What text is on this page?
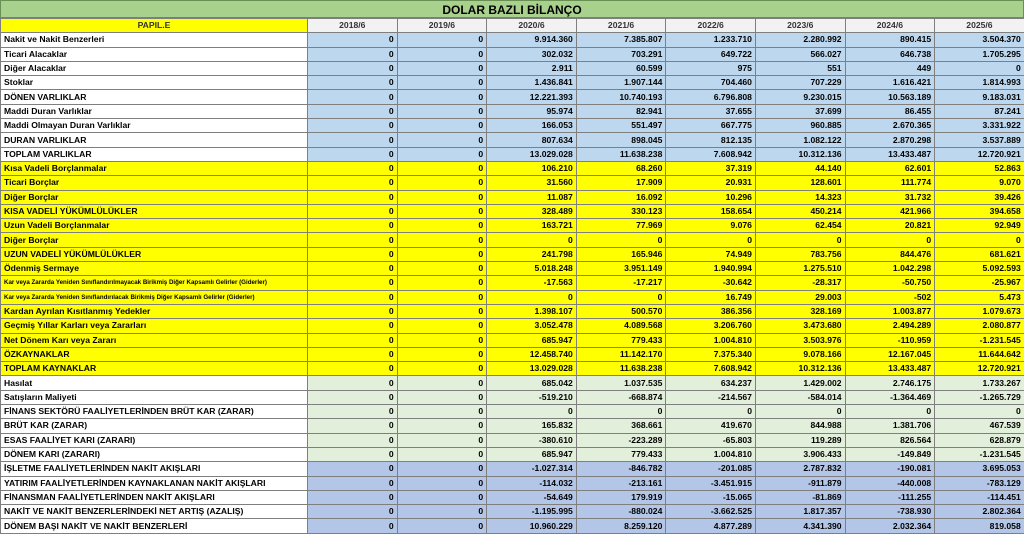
DOLAR BAZLI BİLANÇO
PAPIL.E	2018/6	2019/6	2020/6	2021/6	2022/6	2023/6	2024/6	2025/6
Nakit ve Nakit Benzerleri	0	0	9.914.360	7.385.807	1.233.710	2.280.992	890.415	3.504.370
Ticari Alacaklar	0	0	302.032	703.291	649.722	566.027	646.738	1.705.295
Diğer Alacaklar	0	0	2.911	60.599	975	551	449	0
Stoklar	0	0	1.436.841	1.907.144	704.460	707.229	1.616.421	1.814.993
DÖNEN VARLIKLAR	0	0	12.221.393	10.740.193	6.796.808	9.230.015	10.563.189	9.183.031
Maddi Duran Varlıklar	0	0	95.974	82.941	37.655	37.699	86.455	87.241
Maddi Olmayan Duran Varlıklar	0	0	166.053	551.497	667.775	960.885	2.670.365	3.331.922
DURAN VARLIKLAR	0	0	807.634	898.045	812.135	1.082.122	2.870.298	3.537.889
TOPLAM VARLIKLAR	0	0	13.029.028	11.638.238	7.608.942	10.312.136	13.433.487	12.720.921
Kısa Vadeli Borçlanmalar	0	0	106.210	68.260	37.319	44.140	62.601	52.863
Ticari Borçlar	0	0	31.560	17.909	20.931	128.601	111.774	9.070
Diğer Borçlar	0	0	11.087	16.092	10.296	14.323	31.732	39.426
KISA VADELİ YÜKÜMLÜLÜKLER	0	0	328.489	330.123	158.654	450.214	421.966	394.658
Uzun Vadeli Borçlanmalar	0	0	163.721	77.969	9.076	62.454	20.821	92.949
Diğer Borçlar	0	0	0	0	0	0	0	0
UZUN VADELİ YÜKÜMLÜLÜKLER	0	0	241.798	165.946	74.949	783.756	844.476	681.621
Ödenmiş Sermaye	0	0	5.018.248	3.951.149	1.940.994	1.275.510	1.042.298	5.092.593
Kar veya Zararda Yeniden Sınıflandırılmayacak Birikmiş Diğer Kapsamlı Gelirler (Giderler)	0	0	-17.563	-17.217	-30.642	-28.317	-50.750	-25.967
Kar veya Zararda Yeniden Sınıflandırılacak Birikmiş Diğer Kapsamlı Gelirler (Giderler)	0	0	0	0	16.749	29.003	-502	5.473
Kardan Ayrılan Kısıtlanmış Yedekler	0	0	1.398.107	500.570	386.356	328.169	1.003.877	1.079.673
Geçmiş Yıllar Karları veya Zararları	0	0	3.052.478	4.089.568	3.206.760	3.473.680	2.494.289	2.080.877
Net Dönem Karı veya Zararı	0	0	685.947	779.433	1.004.810	3.503.976	-110.959	-1.231.545
ÖZKAYNAKLAR	0	0	12.458.740	11.142.170	7.375.340	9.078.166	12.167.045	11.644.642
TOPLAM KAYNAKLAR	0	0	13.029.028	11.638.238	7.608.942	10.312.136	13.433.487	12.720.921
Hasılat	0	0	685.042	1.037.535	634.237	1.429.002	2.746.175	1.733.267
Satışların Maliyeti	0	0	-519.210	-668.874	-214.567	-584.014	-1.364.469	-1.265.729
FİNANS SEKTÖRÜ FAALİYETLERİNDEN BRÜT KAR (ZARAR)	0	0	0	0	0	0	0	0
BRÜT KAR (ZARAR)	0	0	165.832	368.661	419.670	844.988	1.381.706	467.539
ESAS FAALİYET KARI (ZARARI)	0	0	-380.610	-223.289	-65.803	119.289	826.564	628.879
DÖNEM KARI (ZARARI)	0	0	685.947	779.433	1.004.810	3.906.433	-149.849	-1.231.545
İŞLETME FAALİYETLERİNDEN NAKİT AKIŞLARI	0	0	-1.027.314	-846.782	-201.085	2.787.832	-190.081	3.695.053
YATIRIM FAALİYETLERİNDEN KAYNAKLANAN NAKİT AKIŞLARI	0	0	-114.032	-213.161	-3.451.915	-911.879	-440.008	-783.129
FİNANSMAN FAALİYETLERİNDEN NAKİT AKIŞLARI	0	0	-54.649	179.919	-15.065	-81.869	-111.255	-114.451
NAKİT VE NAKİT BENZERLERİNDEKİ NET ARTIŞ (AZALIŞ)	0	0	-1.195.995	-880.024	-3.662.525	1.817.357	-738.930	2.802.364
DÖNEM BAŞI NAKİT VE NAKİT BENZERLERİ	0	0	10.960.229	8.259.120	4.877.289	4.341.390	2.032.364	819.058
